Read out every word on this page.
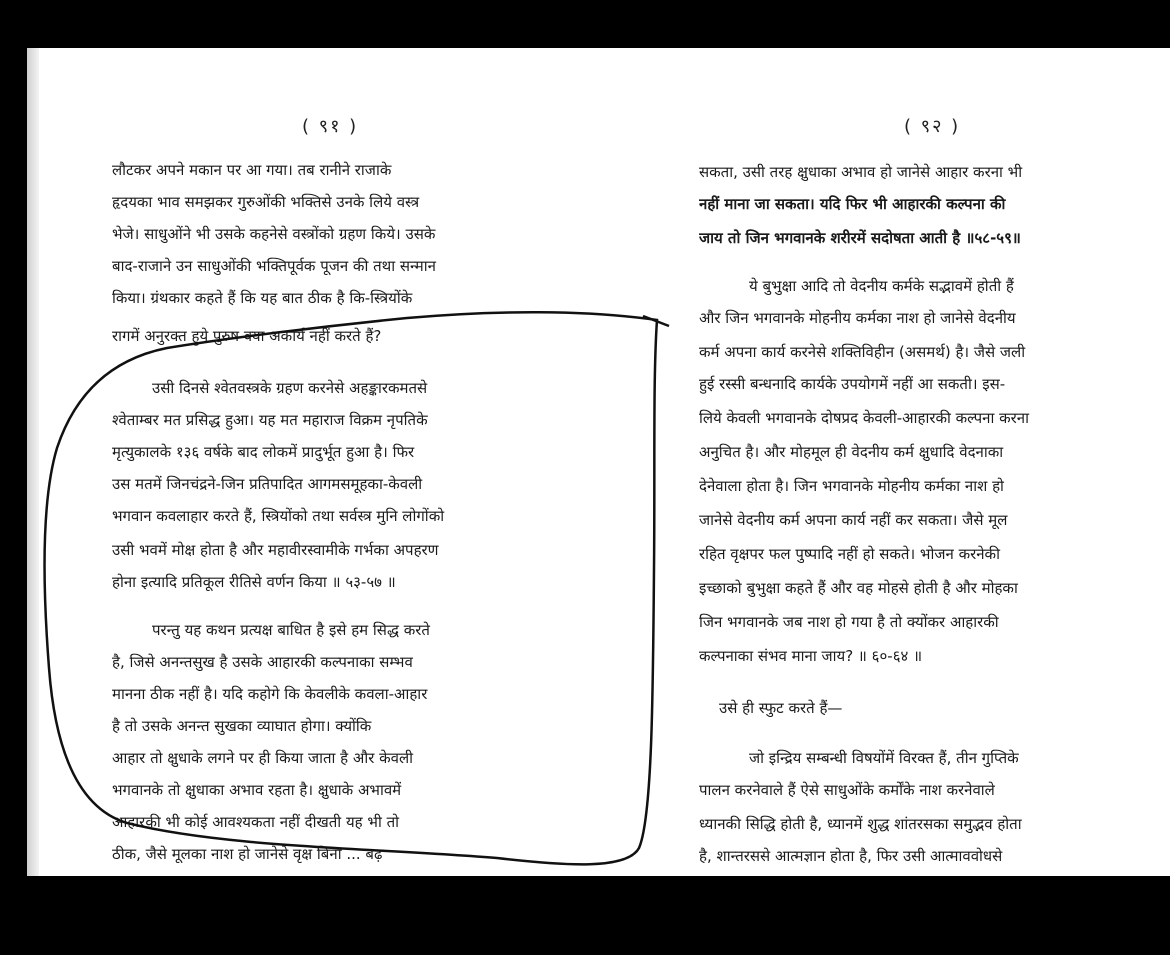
( ९१ )
लौटकर अपने मकान पर आ गया। तब रानीने राजाके
हृदयका भाव समझकर गुरुओंकी भक्तिसे उनके लिये वस्त्र
भेजे। साधुओंने भी उसके कहनेसे वस्त्रोंको ग्रहण किये। उसके
बाद-राजाने उन साधुओंकी भक्तिपूर्वक पूजन की तथा सन्मान
किया। ग्रंथकार कहते हैं कि यह बात ठीक है कि-स्त्रियोंके
रागमें अनुरक्त हुये पुरुष क्या अकार्य नहीं करते हैं?
उसी दिनसे श्वेतवस्त्रके ग्रहण करनेसे अहङ्कारकमतसे
श्वेताम्बर मत प्रसिद्ध हुआ। यह मत महाराज विक्रम नृपतिके
मृत्युकालके १३६ वर्षके बाद लोकमें प्रादुर्भूत हुआ है। फिर
उस मतमें जिनचंद्रने-जिन प्रतिपादित आगमसमूहका-केवली
भगवान कवलाहार करते हैं, स्त्रियोंको तथा सर्वस्त्र मुनि लोगोंको
उसी भवमें मोक्ष होता है और महावीरस्वामीके गर्भका अपहरण
होना इत्यादि प्रतिकूल रीतिसे वर्णन किया ॥ ५३-५७ ॥
परन्तु यह कथन प्रत्यक्ष बाधित है इसे हम सिद्ध करते
है, जिसे अनन्तसुख है उसके आहारकी कल्पनाका सम्भव
मानना ठीक नहीं है। यदि कहोगे कि केवलीके कवला-आहार
है तो उसके अनन्त सुखका व्याघात होगा। क्योंकि
आहार तो क्षुधाके लगने पर ही किया जाता है और केवली
भगवानके तो क्षुधाका अभाव रहता है। क्षुधाके अभावमें
आहारकी भी कोई आवश्यकता नहीं दीखती यह भी तो
ठीक, जैसे मूलका नाश हो जानेसे वृक्ष बिना ... बढ़
( ९२ )
सकता, उसी तरह क्षुधाका अभाव हो जानेसे आहार करना भी
नहीं माना जा सकता। यदि फिर भी आहारकी कल्पना की
जाय तो जिन भगवानके शरीरमें सदोषता आती है ॥५८-५९॥
ये बुभुक्षा आदि तो वेदनीय कर्मके सद्भावमें होती हैं
और जिन भगवानके मोहनीय कर्मका नाश हो जानेसे वेदनीय
कर्म अपना कार्य करनेसे शक्तिविहीन (असमर्थ) है। जैसे जली
हुई रस्सी बन्धनादि कार्यके उपयोगमें नहीं आ सकती। इस-
लिये केवली भगवानके दोषप्रद केवली-आहारकी कल्पना करना
अनुचित है। और मोहमूल ही वेदनीय कर्म क्षुधादि वेदनाका
देनेवाला होता है। जिन भगवानके मोहनीय कर्मका नाश हो
जानेसे वेदनीय कर्म अपना कार्य नहीं कर सकता। जैसे मूल
रहित वृक्षपर फल पुष्पादि नहीं हो सकते। भोजन करनेकी
इच्छाको बुभुक्षा कहते हैं और वह मोहसे होती है और मोहका
जिन भगवानके जब नाश हो गया है तो क्योंकर आहारकी
कल्पनाका संभव माना जाय? ॥ ६०-६४ ॥
उसे ही स्फुट करते हैं—
जो इन्द्रिय सम्बन्धी विषयोंमें विरक्त हैं, तीन गुप्तिके
पालन करनेवाले हैं ऐसे साधुओंके कर्मोंके नाश करनेवाले
ध्यानकी सिद्धि होती है, ध्यानमें शुद्ध शांतरसका समुद्भव होता
है, शान्तरससे आत्मज्ञान होता है, फिर उसी आत्माववोधसे
